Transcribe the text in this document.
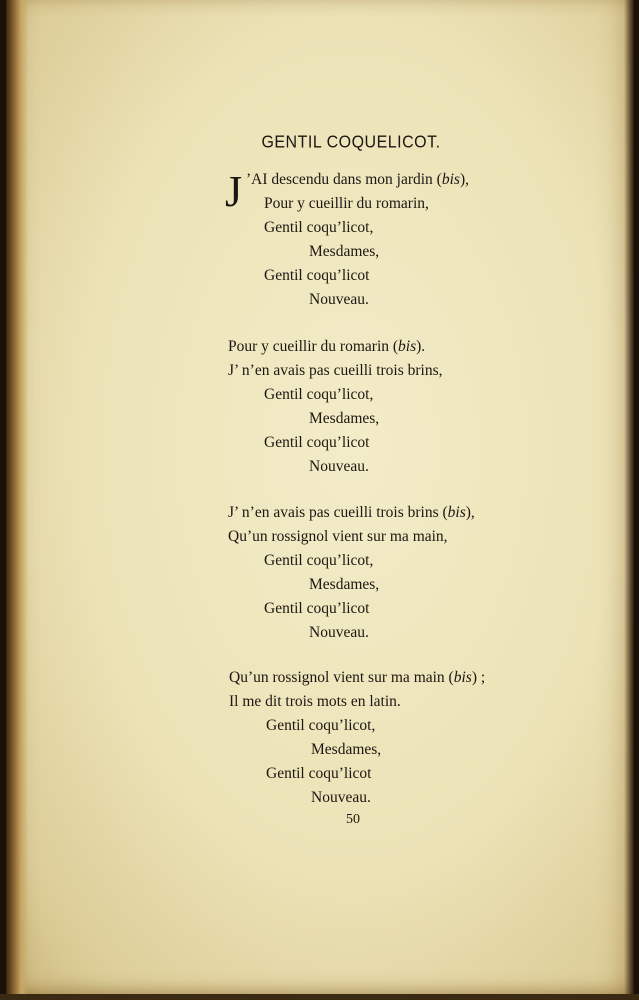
GENTIL COQUELICOT.
J ’AI descendu dans mon jardin (bis),
Pour y cueillir du romarin,
Gentil coqu’licot,
Mesdames,
Gentil coqu’licot
Nouveau.
Pour y cueillir du romarin (bis).
J’ n’en avais pas cueilli trois brins,
Gentil coqu’licot,
Mesdames,
Gentil coqu’licot
Nouveau.
J’ n’en avais pas cueilli trois brins (bis),
Qu’un rossignol vient sur ma main,
Gentil coqu’licot,
Mesdames,
Gentil coqu’licot
Nouveau.
Qu’un rossignol vient sur ma main (bis) ;
Il me dit trois mots en latin.
Gentil coqu’licot,
Mesdames,
Gentil coqu’licot
Nouveau.
50
